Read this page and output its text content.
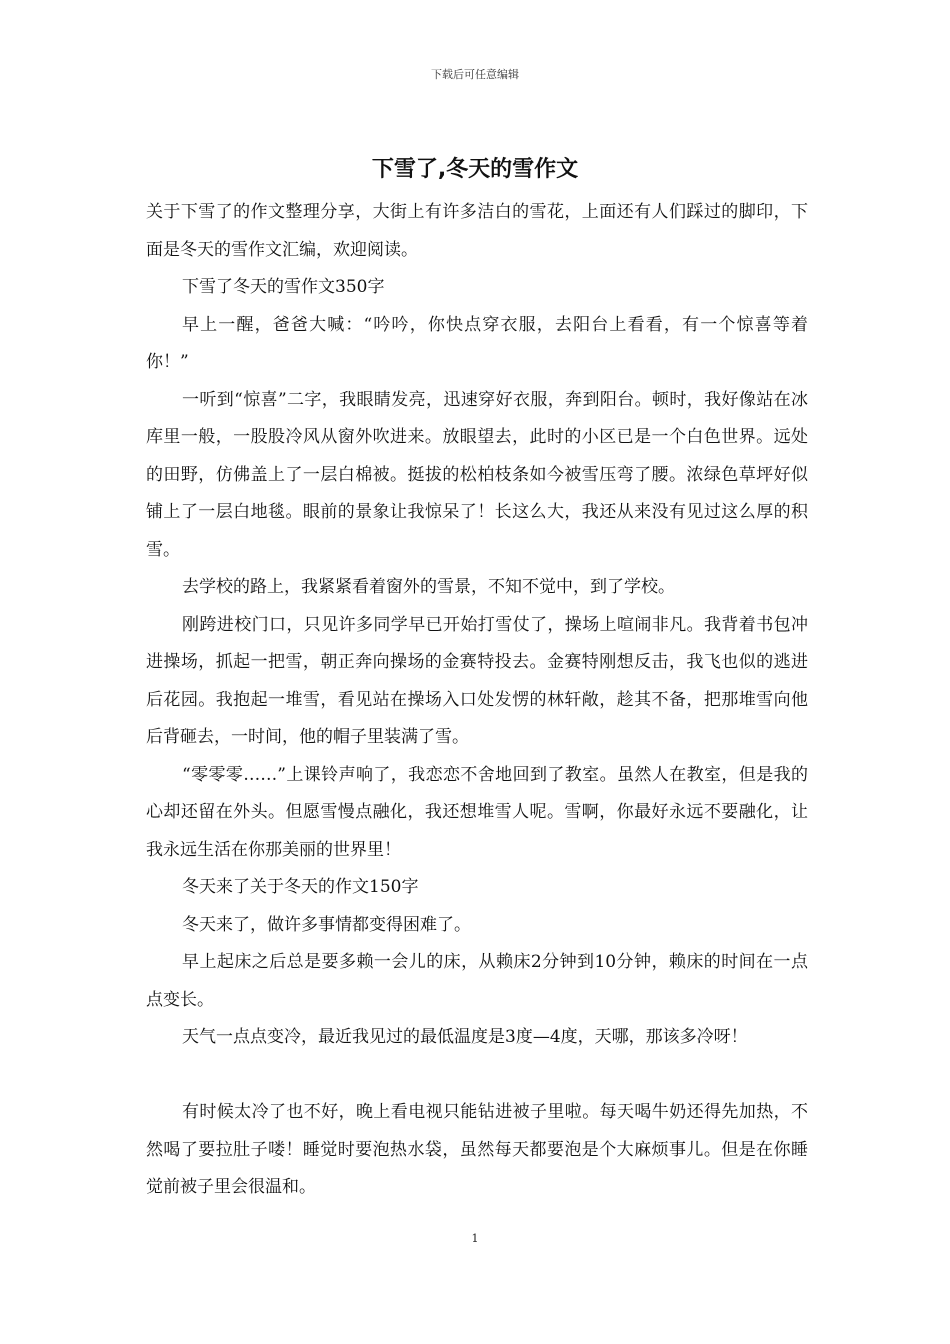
下载后可任意编辑
下雪了,冬天的雪作文

关于下雪了的作文整理分享，大街上有许多洁白的雪花，上面还有人们踩过的脚印，下面是冬天的雪作文汇编，欢迎阅读。

下雪了冬天的雪作文350字

早上一醒，爸爸大喊：“吟吟，你快点穿衣服，去阳台上看看，有一个惊喜等着你！”

一听到“惊喜”二字，我眼睛发亮，迅速穿好衣服，奔到阳台。顿时，我好像站在冰库里一般，一股股冷风从窗外吹进来。放眼望去，此时的小区已是一个白色世界。远处的田野，仿佛盖上了一层白棉被。挺拔的松柏枝条如今被雪压弯了腰。浓绿色草坪好似铺上了一层白地毯。眼前的景象让我惊呆了！长这么大，我还从来没有见过这么厚的积雪。

去学校的路上，我紧紧看着窗外的雪景，不知不觉中，到了学校。

刚跨进校门口，只见许多同学早已开始打雪仗了，操场上喧闹非凡。我背着书包冲进操场，抓起一把雪，朝正奔向操场的金赛特投去。金赛特刚想反击，我飞也似的逃进后花园。我抱起一堆雪，看见站在操场入口处发愣的林轩敞，趁其不备，把那堆雪向他后背砸去，一时间，他的帽子里装满了雪。

“零零零……”上课铃声响了，我恋恋不舍地回到了教室。虽然人在教室，但是我的心却还留在外头。但愿雪慢点融化，我还想堆雪人呢。雪啊，你最好永远不要融化，让我永远生活在你那美丽的世界里！

冬天来了关于冬天的作文150字

冬天来了，做许多事情都变得困难了。

早上起床之后总是要多赖一会儿的床，从赖床2分钟到10分钟，赖床的时间在一点点变长。

天气一点点变冷，最近我见过的最低温度是3度—4度，天哪，那该多冷呀！

有时候太冷了也不好，晚上看电视只能钻进被子里啦。每天喝牛奶还得先加热，不然喝了要拉肚子喽！睡觉时要泡热水袋，虽然每天都要泡是个大麻烦事儿。但是在你睡觉前被子里会很温和。

1
